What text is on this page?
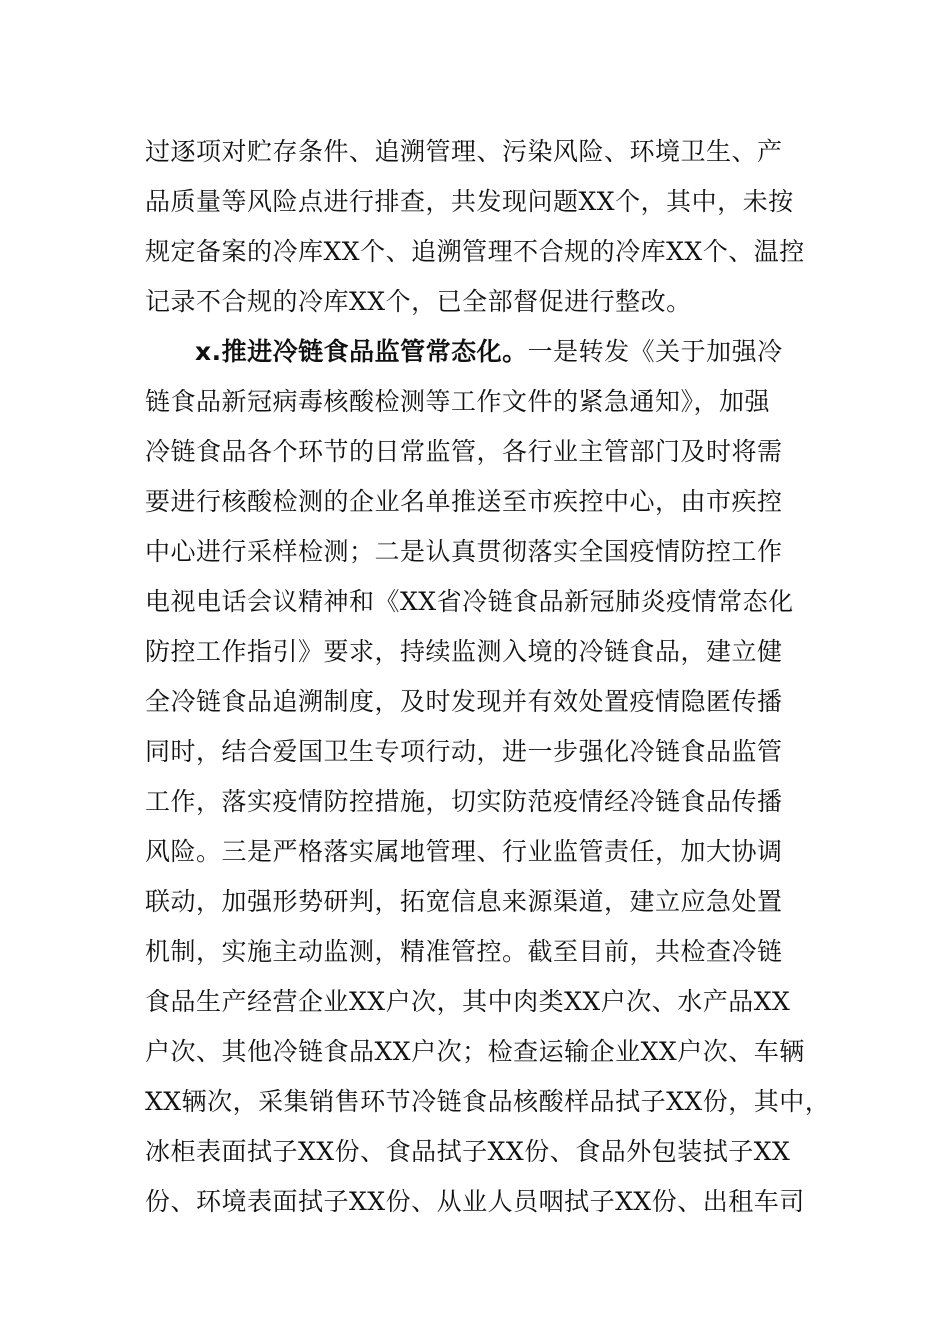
过逐项对贮存条件、追溯管理、污染风险、环境卫生、产
品质量等风险点进行排查，共发现问题XX个，其中，未按
规定备案的冷库XX个、追溯管理不合规的冷库XX个、温控
记录不合规的冷库XX个，已全部督促进行整改。
x.推进冷链食品监管常态化。一是转发《关于加强冷
链食品新冠病毒核酸检测等工作文件的紧急通知》，加强
冷链食品各个环节的日常监管，各行业主管部门及时将需
要进行核酸检测的企业名单推送至市疾控中心，由市疾控
中心进行采样检测；二是认真贯彻落实全国疫情防控工作
电视电话会议精神和《XX省冷链食品新冠肺炎疫情常态化
防控工作指引》要求，持续监测入境的冷链食品，建立健
全冷链食品追溯制度，及时发现并有效处置疫情隐匿传播
同时，结合爱国卫生专项行动，进一步强化冷链食品监管
工作，落实疫情防控措施，切实防范疫情经冷链食品传播
风险。三是严格落实属地管理、行业监管责任，加大协调
联动，加强形势研判，拓宽信息来源渠道，建立应急处置
机制，实施主动监测，精准管控。截至目前，共检查冷链
食品生产经营企业XX户次，其中肉类XX户次、水产品XX
户次、其他冷链食品XX户次；检查运输企业XX户次、车辆
XX辆次，采集销售环节冷链食品核酸样品拭子XX份，其中，
冰柜表面拭子XX份、食品拭子XX份、食品外包装拭子XX
份、环境表面拭子XX份、从业人员咽拭子XX份、出租车司
